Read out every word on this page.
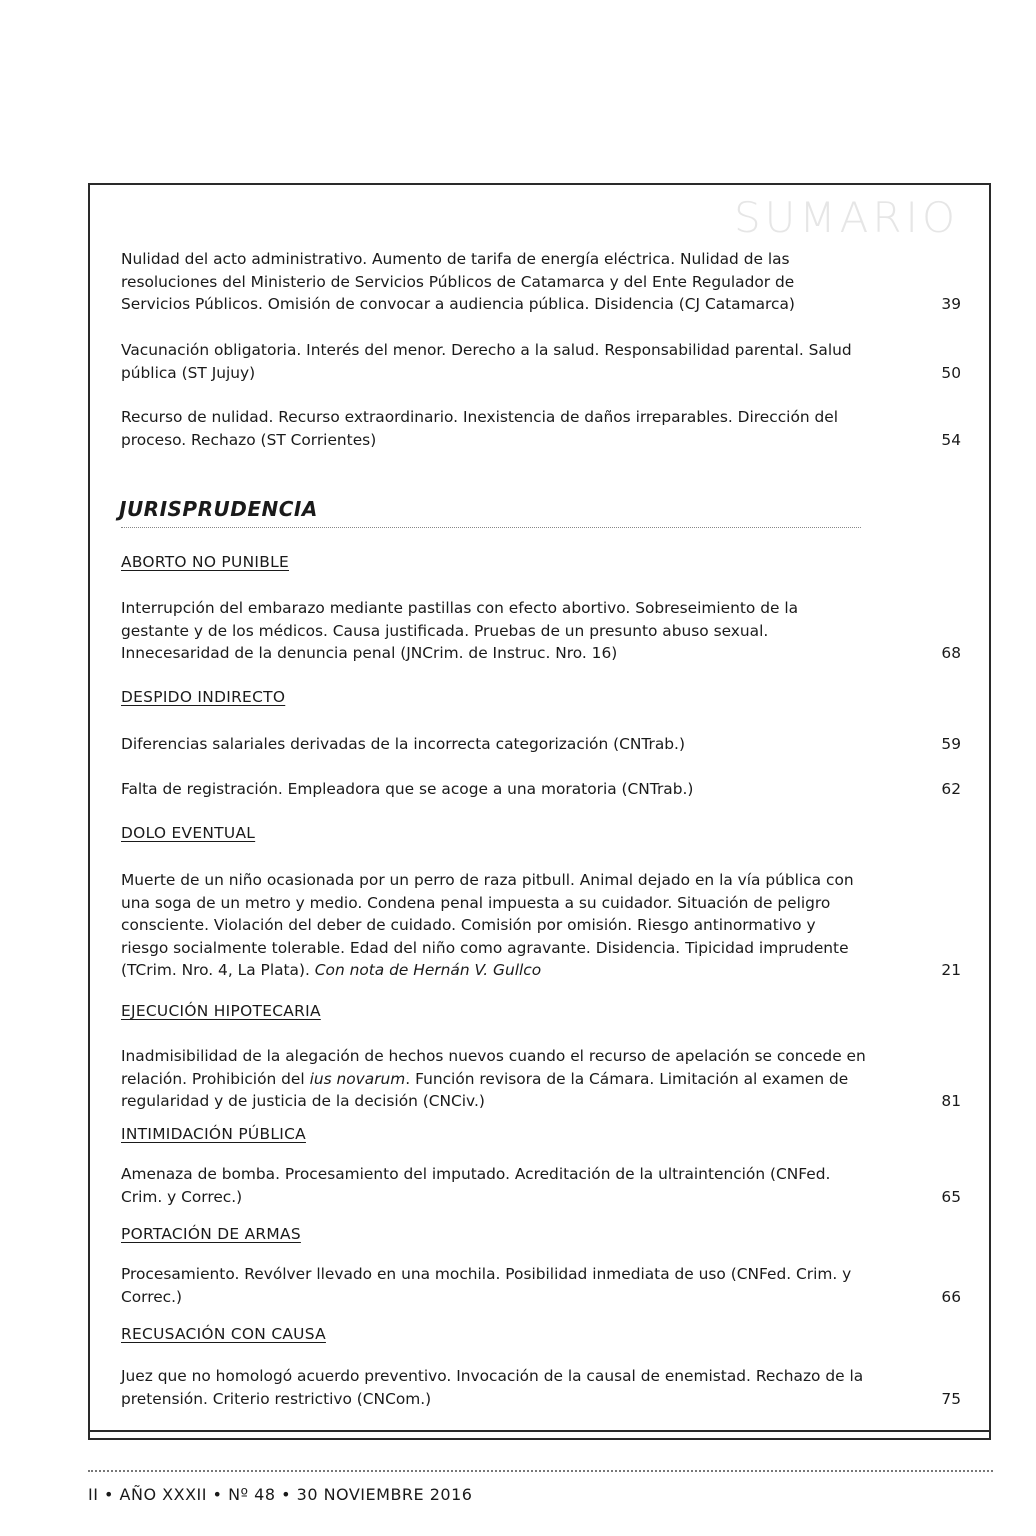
SUMARIO
Nulidad del acto administrativo. Aumento de tarifa de energía eléctrica. Nulidad de las resoluciones del Ministerio de Servicios Públicos de Catamarca y del Ente Regulador de Servicios Públicos. Omisión de convocar a audiencia pública. Disidencia (CJ Catamarca)	39
Vacunación obligatoria. Interés del menor. Derecho a la salud. Responsabilidad parental. Salud pública (ST Jujuy)	50
Recurso de nulidad. Recurso extraordinario. Inexistencia de daños irreparables. Dirección del proceso. Rechazo (ST Corrientes)	54
JURISPRUDENCIA
ABORTO NO PUNIBLE
Interrupción del embarazo mediante pastillas con efecto abortivo. Sobreseimiento de la gestante y de los médicos. Causa justificada. Pruebas de un presunto abuso sexual. Innecesaridad de la denuncia penal (JNCrim. de Instruc. Nro. 16)	68
DESPIDO INDIRECTO
Diferencias salariales derivadas de la incorrecta categorización (CNTrab.)	59
Falta de registración. Empleadora que se acoge a una moratoria (CNTrab.)	62
DOLO EVENTUAL
Muerte de un niño ocasionada por un perro de raza pitbull. Animal dejado en la vía pública con una soga de un metro y medio. Condena penal impuesta a su cuidador. Situación de peligro consciente. Violación del deber de cuidado. Comisión por omisión. Riesgo antinormativo y riesgo socialmente tolerable. Edad del niño como agravante. Disidencia. Tipicidad imprudente (TCrim. Nro. 4, La Plata). Con nota de Hernán V. Gullco	21
EJECUCIÓN HIPOTECARIA
Inadmisibilidad de la alegación de hechos nuevos cuando el recurso de apelación se concede en relación. Prohibición del ius novarum. Función revisora de la Cámara. Limitación al examen de regularidad y de justicia de la decisión (CNCiv.)	81
INTIMIDACIÓN PÚBLICA
Amenaza de bomba. Procesamiento del imputado. Acreditación de la ultraintención (CNFed. Crim. y Correc.)	65
PORTACIÓN DE ARMAS
Procesamiento. Revólver llevado en una mochila. Posibilidad inmediata de uso (CNFed. Crim. y Correc.)	66
RECUSACIÓN CON CAUSA
Juez que no homologó acuerdo preventivo. Invocación de la causal de enemistad. Rechazo de la pretensión. Criterio restrictivo (CNCom.)	75
II • AÑO XXXII • Nº 48 • 30 NOVIEMBRE 2016
